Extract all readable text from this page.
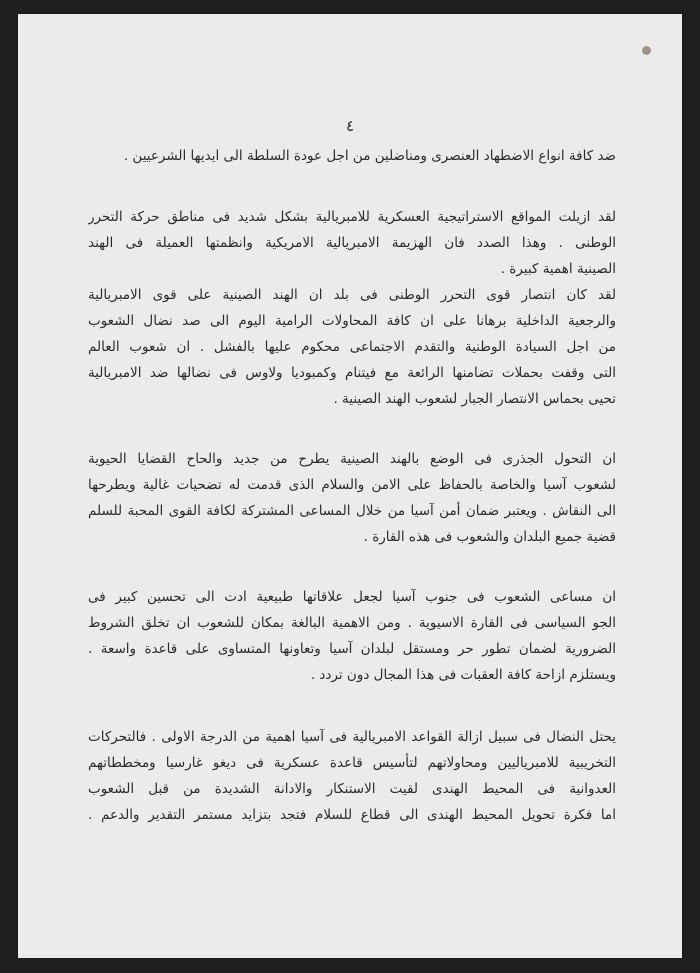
٤
ضد كافة انواع الاضطهاد العنصرى ومناضلين من اجل عودة السلطة الى ايديها الشرعيين .
لقد ازيلت المواقع الاستراتيجية العسكرية للامبريالية بشكل شديد فى مناطق حركة التحرر
الوطنى . وهذا الصدد فان الهزيمة الامبريالية الامريكية وانظمتها العميلة فى الهند
الصينية اهمية كبيرة .
لقد كان انتصار قوى التحرر الوطنى فى بلد ان الهند الصينية على قوى الامبريالية
والرجعية الداخلية برهانا على ان كافة المحاولات الرامية اليوم الى صد نضال الشعوب
من اجل السيادة الوطنية والتقدم الاجتماعى محكوم عليها بالفشل . ان شعوب العالم
التى وقفت بحملات تضامنها الرائعة مع فيتنام وكمبوديا ولاوس فى نضالها ضد الامبريالية
تحيى بحماس الانتصار الجبار لشعوب الهند الصينية .
ان التحول الجذرى فى الوضع بالهند الصينية يطرح من جديد والحاح القضايا الحيوية
لشعوب آسيا والخاصة بالحفاظ على الامن والسلام الذى قدمت له تضحيات غالية ويطرحها
الى النقاش . ويعتبر ضمان أمن آسيا من خلال المساعى المشتركة لكافة القوى المحبة للسلم
قضية جميع البلدان والشعوب فى هذه القارة .
ان مساعى الشعوب فى جنوب آسيا لجعل علاقاتها طبيعية ادت الى تحسين كبير فى
الجو السياسى فى القارة الاسيوية . ومن الاهمية البالغة بمكان للشعوب ان تخلق الشروط
الضرورية لضمان تطور حر ومستقل لبلدان آسيا وتعاونها المتساوى على قاعدة واسعة .
ويستلزم ازاحة كافة العقبات فى هذا المجال دون تردد .
يحتل النضال فى سبيل ازالة القواعد الامبريالية فى آسيا اهمية من الدرجة الاولى . فالتحركات
التخريبية للامبرياليين ومحاولاتهم لتأسيس قاعدة عسكرية فى ديغو غارسيا ومخططاتهم
العدوانية فى المحيط الهندى لقيت الاستنكار والادانة الشديدة من قبل الشعوب
اما فكرة تحويل المحيط الهندى الى قطاع للسلام فتجد بتزايد مستمر التقدير والدعم .
